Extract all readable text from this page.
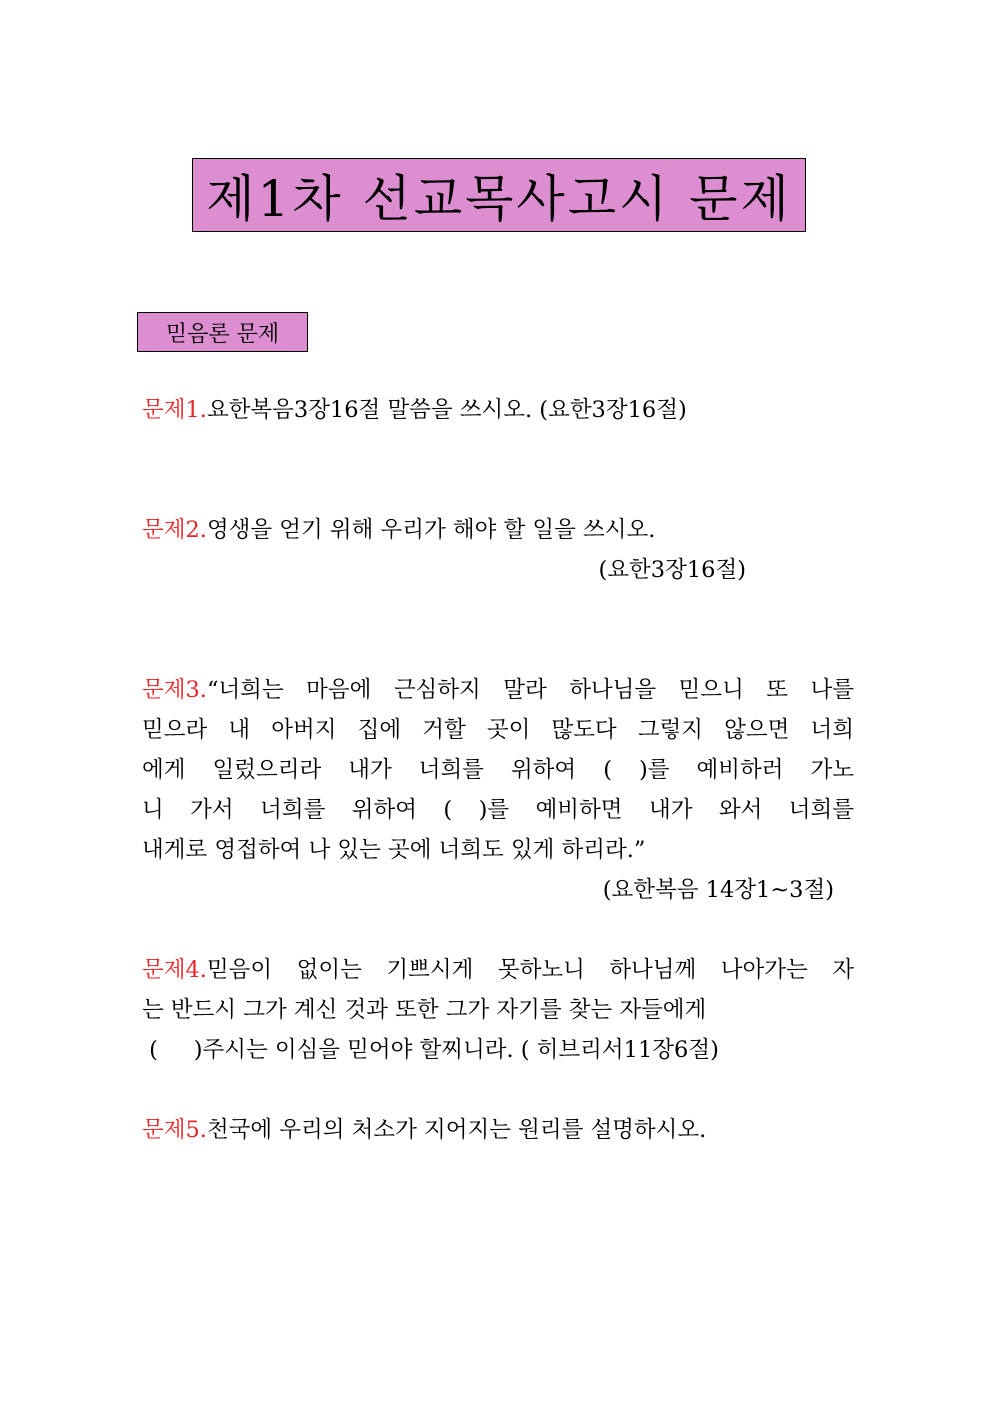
제1차 선교목사고시 문제
믿음론 문제
문제1.요한복음3장16절 말씀을 쓰시오. (요한3장16절)
문제2.영생을 얻기 위해 우리가 해야 할 일을 쓰시오.
(요한3장16절)
문제3.“너희는 마음에 근심하지 말라 하나님을 믿으니 또 나를
믿으라 내 아버지 집에 거할 곳이 많도다 그렇지 않으면 너희
에게 일렀으리라 내가 너희를 위하여 ( )를 예비하러 가노
니 가서 너희를 위하여 ( )를 예비하면 내가 와서 너희를
내게로 영접하여 나 있는 곳에 너희도 있게 하리라.”
(요한복음 14장1~3절)
문제4.믿음이 없이는 기쁘시게 못하노니 하나님께 나아가는 자
는 반드시 그가 계신 것과 또한 그가 자기를 찾는 자들에게
(     )주시는 이심을 믿어야 할찌니라. ( 히브리서11장6절)
문제5.천국에 우리의 처소가 지어지는 원리를 설명하시오.
